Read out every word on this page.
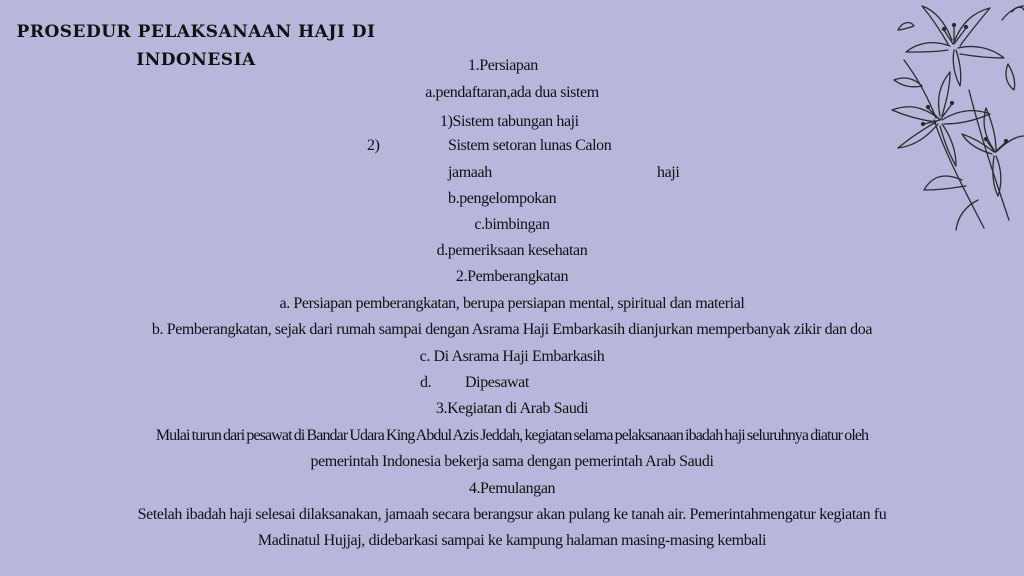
PROSEDUR PELAKSANAAN HAJI DI INDONESIA	1.Persiapan
a.pendaftaran,ada dua sistem
1)Sistem tabungan haji
2)	Sistem setoran lunas Calon
jamaah	haji
b.pengelompokan
c.bimbingan
d.pemeriksaan kesehatan
2.Pemberangkatan
a. Persiapan pemberangkatan, berupa persiapan mental, spiritual dan material
b. Pemberangkatan, sejak dari rumah sampai dengan Asrama Haji Embarkasih dianjurkan memperbanyak zikir dan doa
c. Di Asrama Haji Embarkasih
d. Dipesawat
3.Kegiatan di Arab Saudi
Mulai turun dari pesawat di Bandar Udara King Abdul Azis Jeddah, kegiatan selama pelaksanaan ibadah haji seluruhnya diatur oleh
pemerintah Indonesia bekerja sama dengan pemerintah Arab Saudi
4.Pemulangan
Setelah ibadah haji selesai dilaksanakan, jamaah secara berangsur akan pulang ke tanah air. Pemerintahmengatur kegiatan fu
Madinatul Hujjaj, didebarkasi sampai ke kampung halaman masing-masing kembali
